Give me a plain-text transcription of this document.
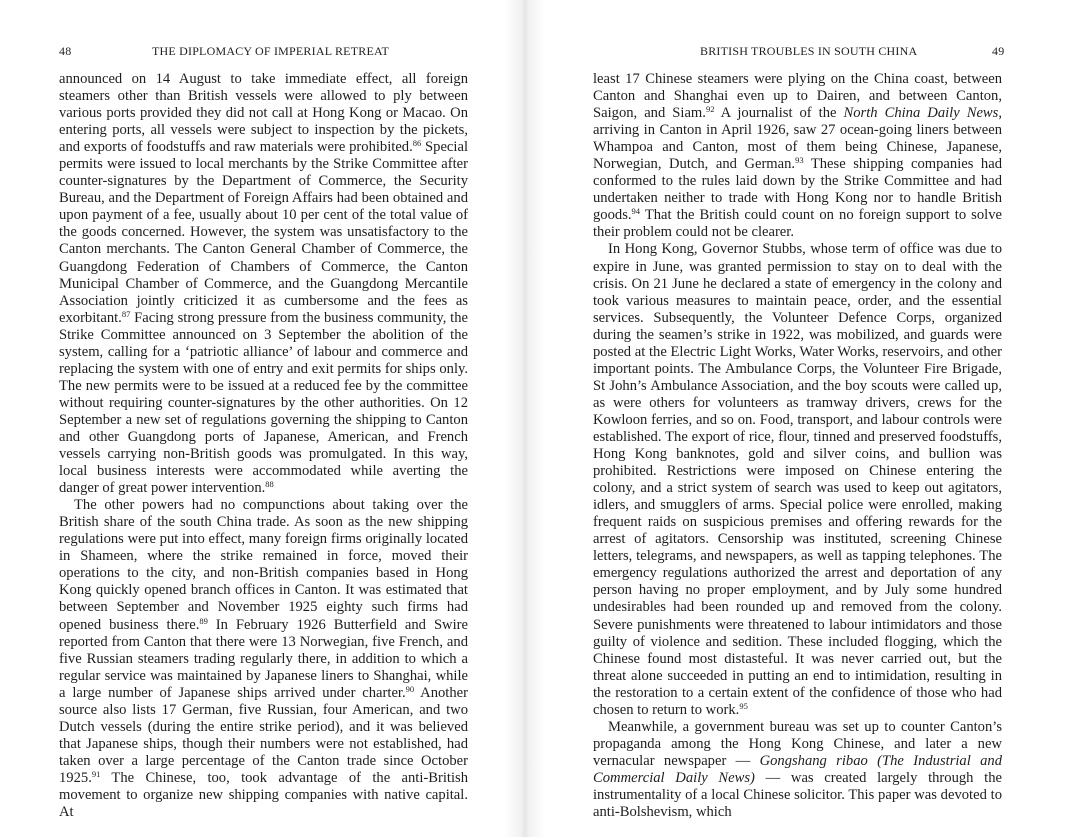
48	THE DIPLOMACY OF IMPERIAL RETREAT

announced on 14 August to take immediate effect, all foreign steamers other than British vessels were allowed to ply between various ports provided they did not call at Hong Kong or Macao. On entering ports, all vessels were subject to inspection by the pickets, and exports of foodstuffs and raw materials were prohibited.$^{86}$ Special permits were issued to local merchants by the Strike Committee after counter-signatures by the Department of Commerce, the Security Bureau, and the Department of Foreign Affairs had been obtained and upon payment of a fee, usually about 10 per cent of the total value of the goods concerned. However, the system was unsatisfactory to the Canton merchants. The Canton General Chamber of Commerce, the Guangdong Federation of Chambers of Commerce, the Canton Municipal Chamber of Commerce, and the Guangdong Mercantile Association jointly criticized it as cumbersome and the fees as exorbitant.$^{87}$ Facing strong pressure from the business community, the Strike Committee announced on 3 September the abolition of the system, calling for a ‘patriotic alliance’ of labour and commerce and replacing the system with one of entry and exit permits for ships only. The new permits were to be issued at a reduced fee by the committee without requiring counter-signatures by the other authorities. On 12 September a new set of regulations governing the shipping to Canton and other Guangdong ports of Japanese, American, and French vessels carrying non-British goods was promulgated. In this way, local business interests were accommodated while averting the danger of great power intervention.$^{88}$

The other powers had no compunctions about taking over the British share of the south China trade. As soon as the new shipping regulations were put into effect, many foreign firms originally located in Shameen, where the strike remained in force, moved their operations to the city, and non-British companies based in Hong Kong quickly opened branch offices in Canton. It was estimated that between September and November 1925 eighty such firms had opened business there.$^{89}$ In February 1926 Butterfield and Swire reported from Canton that there were 13 Norwegian, five French, and five Russian steamers trading regularly there, in addition to which a regular service was maintained by Japanese liners to Shanghai, while a large number of Japanese ships arrived under charter.$^{90}$ Another source also lists 17 German, five Russian, four American, and two Dutch vessels (during the entire strike period), and it was believed that Japanese ships, though their numbers were not established, had taken over a large percentage of the Canton trade since October 1925.91 The Chinese, too, took advantage of the anti-British movement to organize new shipping companies with native capital. At

BRITISH TROUBLES IN SOUTH CHINA	49

least 17 Chinese steamers were plying on the China coast, between Canton and Shanghai even up to Dairen, and between Canton, Saigon, and Siam.$^{92}$ A journalist of the North China Daily News, arriving in Canton in April 1926, saw 27 ocean-going liners between Whampoa and Canton, most of them being Chinese, Japanese, Norwegian, Dutch, and German.$^{93}$ These shipping companies had conformed to the rules laid down by the Strike Committee and had undertaken neither to trade with Hong Kong nor to handle British goods.$^{94}$ That the British could count on no foreign support to solve their problem could not be clearer.

In Hong Kong, Governor Stubbs, whose term of office was due to expire in June, was granted permission to stay on to deal with the crisis. On 21 June he declared a state of emergency in the colony and took various measures to maintain peace, order, and the essential services. Subsequently, the Volunteer Defence Corps, organized during the seamen’s strike in 1922, was mobilized, and guards were posted at the Electric Light Works, Water Works, reservoirs, and other important points. The Ambulance Corps, the Volunteer Fire Brigade, St John’s Ambulance Association, and the boy scouts were called up, as were others for volunteers as tramway drivers, crews for the Kowloon ferries, and so on. Food, transport, and labour controls were established. The export of rice, flour, tinned and preserved foodstuffs, Hong Kong banknotes, gold and silver coins, and bullion was prohibited. Restrictions were imposed on Chinese entering the colony, and a strict system of search was used to keep out agitators, idlers, and smugglers of arms. Special police were enrolled, making frequent raids on suspicious premises and offering rewards for the arrest of agitators. Censorship was instituted, screening Chinese letters, telegrams, and newspapers, as well as tapping telephones. The emergency regulations authorized the arrest and deportation of any person having no proper employment, and by July some hundred undesirables had been rounded up and removed from the colony. Severe punishments were threatened to labour intimidators and those guilty of violence and sedition. These included flogging, which the Chinese found most distasteful. It was never carried out, but the threat alone succeeded in putting an end to intimidation, resulting in the restoration to a certain extent of the confidence of those who had chosen to return to work.$^{95}$

Meanwhile, a government bureau was set up to counter Canton’s propaganda among the Hong Kong Chinese, and later a new vernacular newspaper — Gongshang ribao (The Industrial and Commercial Daily News) — was created largely through the instrumentality of a local Chinese solicitor. This paper was devoted to anti-Bolshevism, which
